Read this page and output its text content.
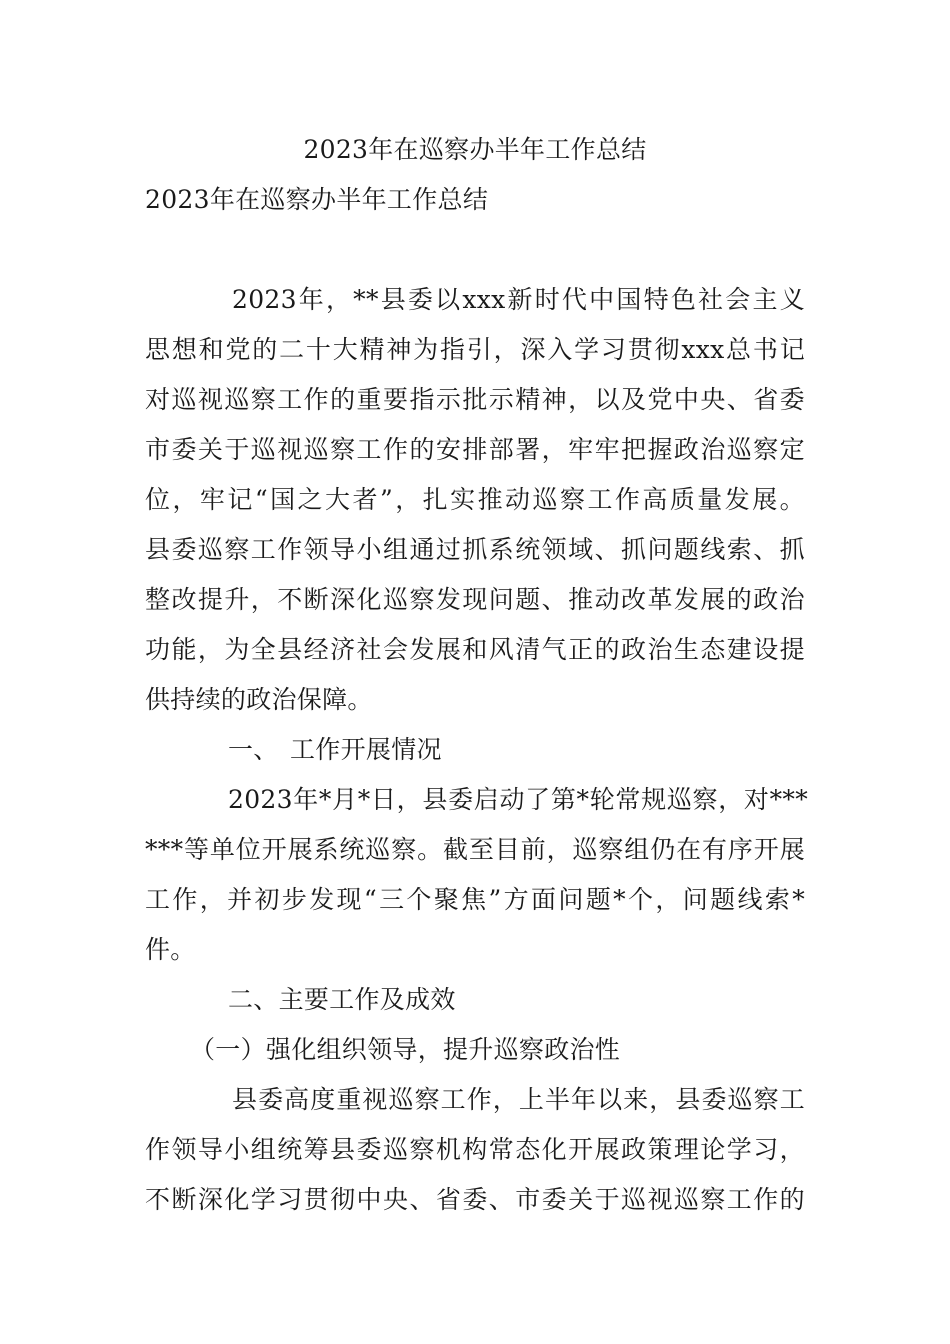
2023年在巡察办半年工作总结
2023年在巡察办半年工作总结
2023年，**县委以xxx新时代中国特色社会主义
思想和党的二十大精神为指引，深入学习贯彻xxx总书记
对巡视巡察工作的重要指示批示精神，以及党中央、省委
市委关于巡视巡察工作的安排部署，牢牢把握政治巡察定
位，牢记“国之大者”，扎实推动巡察工作高质量发展。
县委巡察工作领导小组通过抓系统领域、抓问题线索、抓
整改提升，不断深化巡察发现问题、推动改革发展的政治
功能，为全县经济社会发展和风清气正的政治生态建设提
供持续的政治保障。
一、 工作开展情况
2023年*月*日，县委启动了第*轮常规巡察，对***
***等单位开展系统巡察。截至目前，巡察组仍在有序开展
工作，并初步发现“三个聚焦”方面问题*个，问题线索*
件。
二、主要工作及成效
（一）强化组织领导，提升巡察政治性
县委高度重视巡察工作，上半年以来，县委巡察工
作领导小组统筹县委巡察机构常态化开展政策理论学习，
不断深化学习贯彻中央、省委、市委关于巡视巡察工作的
